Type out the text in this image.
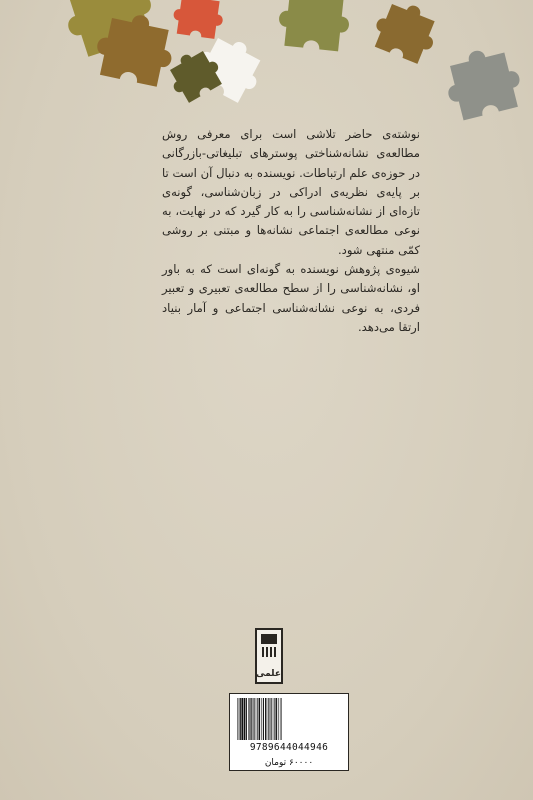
نوشته‌ی حاضر تلاشی است برای معرفی روش مطالعه‌ی نشانه‌شناختی پوسترهای تبلیغاتی-بازرگانی در حوزه‌ی علم ارتباطات. نویسنده به دنبال آن است تا بر پایه‌ی نظریه‌ی ادراکی در زبان‌شناسی، گونه‌ی تازه‌ای از نشانه‌شناسی را به کار گیرد که در نهایت، به نوعی مطالعه‌ی اجتماعی نشانه‌ها و مبتنی بر روشی کمّی منتهی شود.

شیوه‌ی پژوهش نویسنده به گونه‌ای است که به باور او، نشانه‌شناسی را از سطح مطالعه‌ی تعبیری و تعبیر فردی، به نوعی نشانه‌شناسی اجتماعی و آمار بنیاد ارتقا می‌دهد.

علمی
9789644044946
۶۰۰۰۰ تومان
